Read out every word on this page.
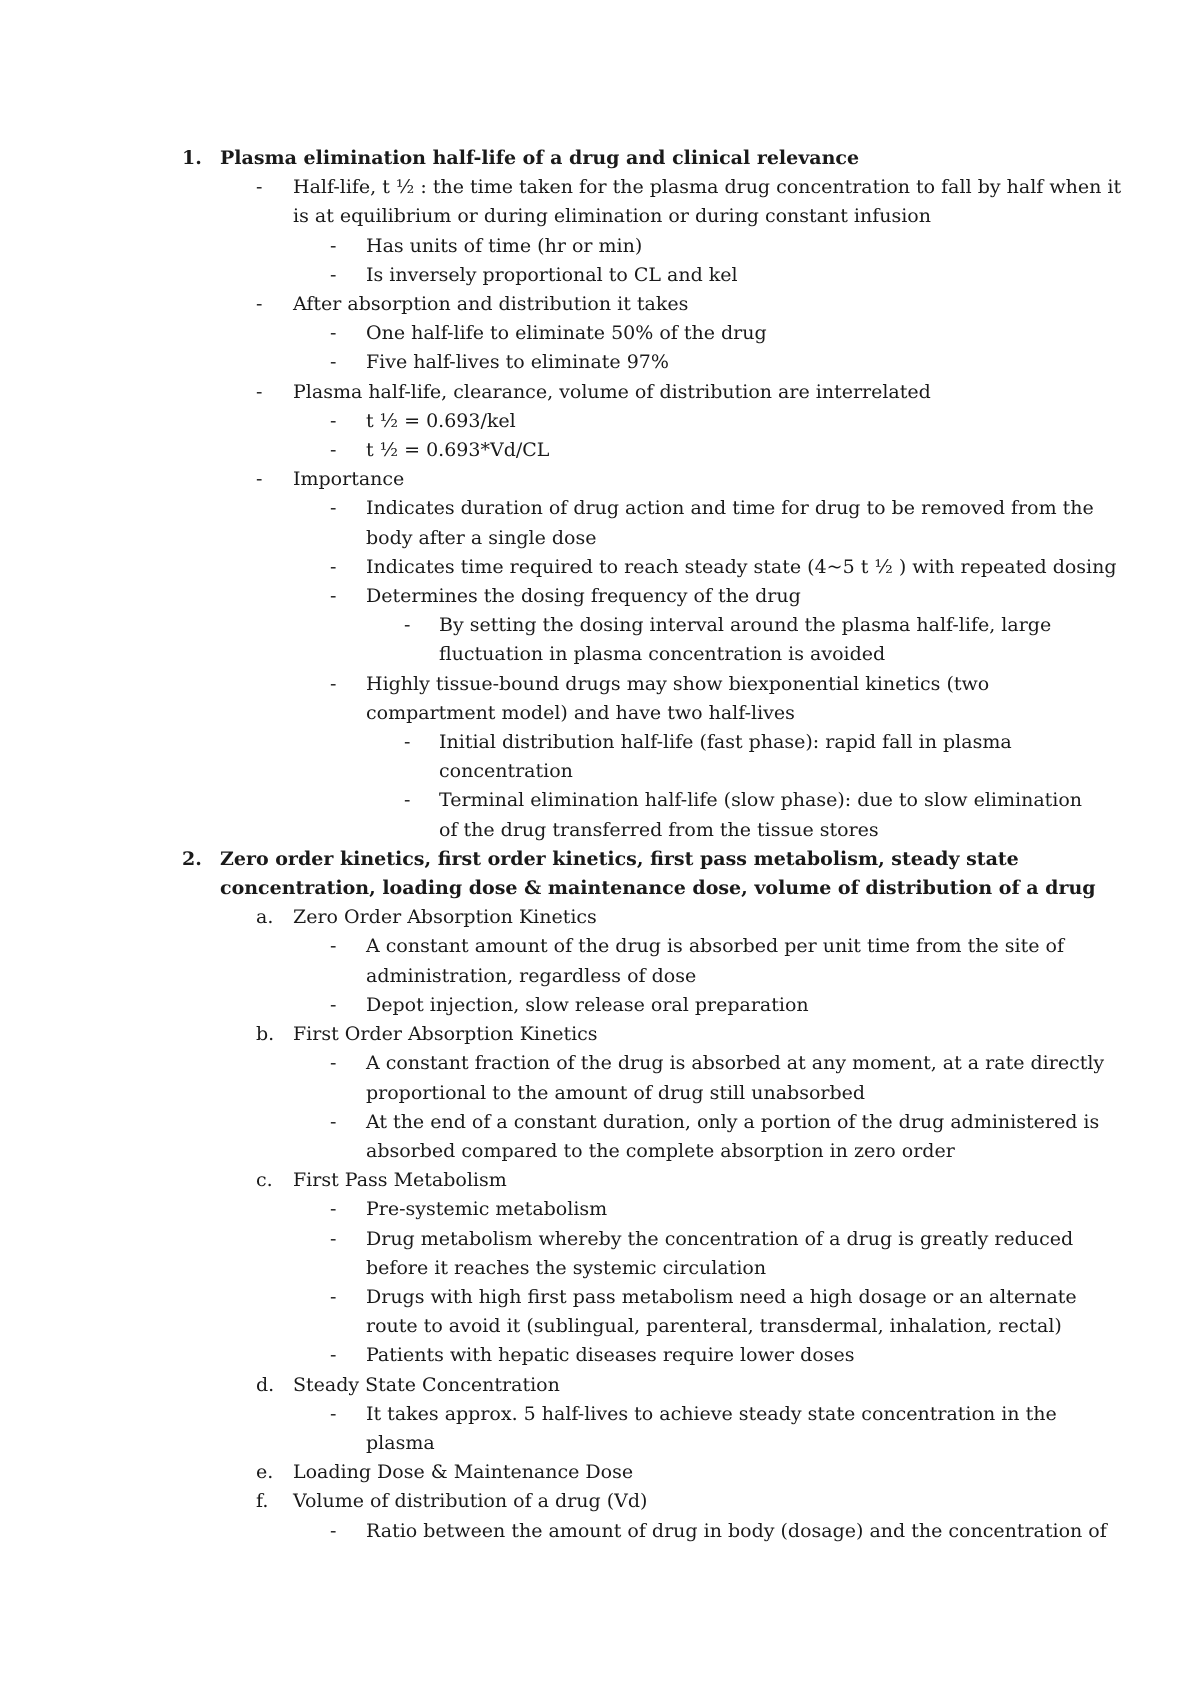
1. Plasma elimination half-life of a drug and clinical relevance
- Half-life, t ½ : the time taken for the plasma drug concentration to fall by half when it
is at equilibrium or during elimination or during constant infusion
- Has units of time (hr or min)
- Is inversely proportional to CL and kel
- After absorption and distribution it takes
- One half-life to eliminate 50% of the drug
- Five half-lives to eliminate 97%
- Plasma half-life, clearance, volume of distribution are interrelated
- t ½ = 0.693/kel
- t ½ = 0.693*Vd/CL
- Importance
- Indicates duration of drug action and time for drug to be removed from the
body after a single dose
- Indicates time required to reach steady state (4~5 t ½ ) with repeated dosing
- Determines the dosing frequency of the drug
- By setting the dosing interval around the plasma half-life, large
fluctuation in plasma concentration is avoided
- Highly tissue-bound drugs may show biexponential kinetics (two
compartment model) and have two half-lives
- Initial distribution half-life (fast phase): rapid fall in plasma
concentration
- Terminal elimination half-life (slow phase): due to slow elimination
of the drug transferred from the tissue stores
2. Zero order kinetics, first order kinetics, first pass metabolism, steady state
concentration, loading dose & maintenance dose, volume of distribution of a drug
a. Zero Order Absorption Kinetics
- A constant amount of the drug is absorbed per unit time from the site of
administration, regardless of dose
- Depot injection, slow release oral preparation
b. First Order Absorption Kinetics
- A constant fraction of the drug is absorbed at any moment, at a rate directly
proportional to the amount of drug still unabsorbed
- At the end of a constant duration, only a portion of the drug administered is
absorbed compared to the complete absorption in zero order
c. First Pass Metabolism
- Pre-systemic metabolism
- Drug metabolism whereby the concentration of a drug is greatly reduced
before it reaches the systemic circulation
- Drugs with high first pass metabolism need a high dosage or an alternate
route to avoid it (sublingual, parenteral, transdermal, inhalation, rectal)
- Patients with hepatic diseases require lower doses
d. Steady State Concentration
- It takes approx. 5 half-lives to achieve steady state concentration in the
plasma
e. Loading Dose & Maintenance Dose
f. Volume of distribution of a drug (Vd)
- Ratio between the amount of drug in body (dosage) and the concentration of
